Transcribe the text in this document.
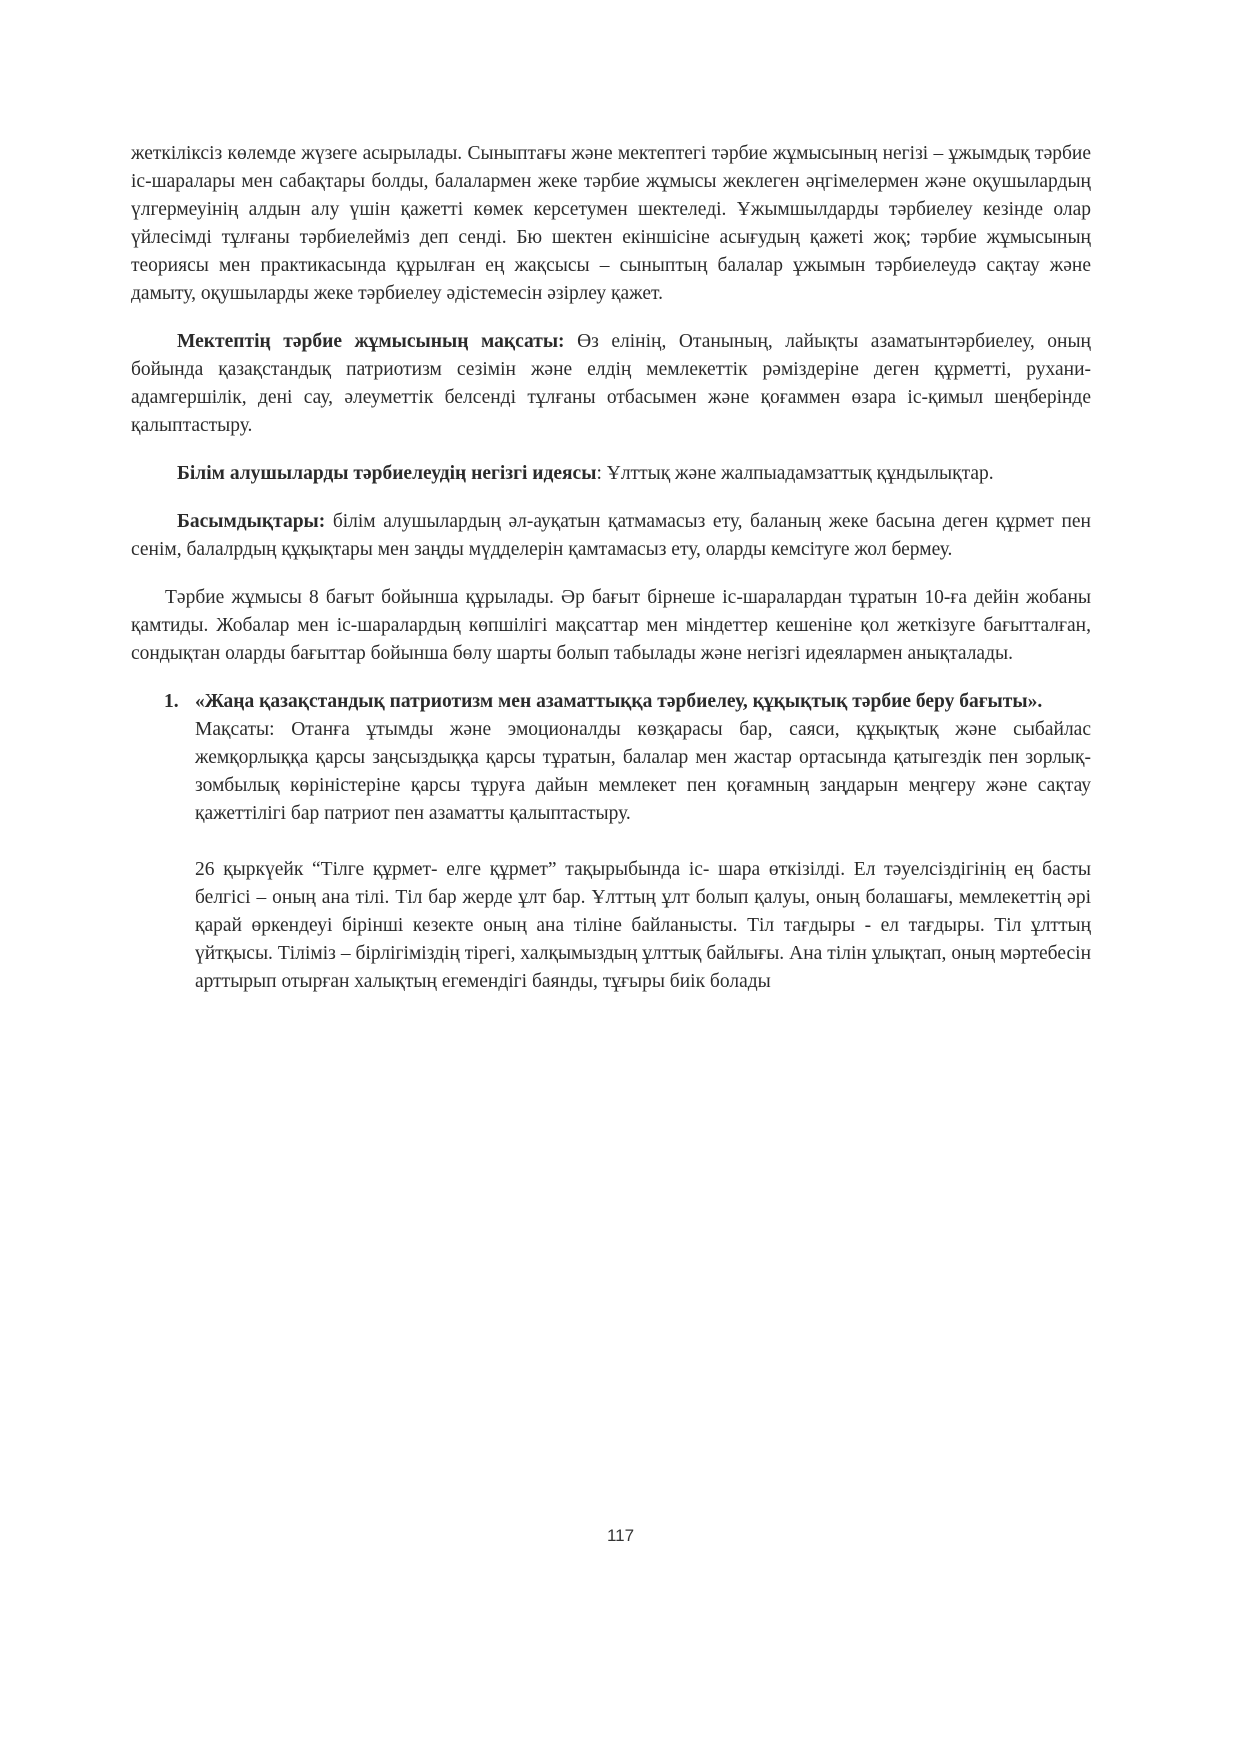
жеткіліксіз көлемде жүзеге асырылады. Сыныптағы және мектептегі тәрбие жұмысының негізі – ұжымдық тәрбие іс-шаралары мен сабақтары болды, балалармен жеке тәрбие жұмысы жеклеген әңгімелермен және оқушылардың үлгермеуінің алдын алу үшін қажетті көмек керсетумен шектеледі. Ұжымшылдарды тәрбиелеу кезінде олар үйлесімді тұлғаны тәрбиелейміз деп сенді. Бю шектен екіншісіне асығудың қажеті жоқ; тәрбие жұмысының теориясы мен практикасында құрылған ең жақсысы – сыныптың балалар ұжымын тәрбиелеудә сақтау және дамыту, оқушыларды жеке тәрбиелеу әдістемесін әзірлеу қажет.

Мектептің тәрбие жұмысының мақсаты: Өз елінің, Отанының, лайықты азаматынтәрбиелеу, оның бойында қазақстандық патриотизм сезімін және елдің мемлекеттік рәміздеріне деген құрметті, рухани-адамгершілік, дені сау, әлеуметтік белсенді тұлғаны отбасымен және қоғаммен өзара іс-қимыл шеңберінде қалыптастыру.

Білім алушыларды тәрбиелеудің негізгі идеясы: Ұлттық және жалпыадамзаттық құндылықтар.

Басымдықтары: білім алушылардың әл-ауқатын қатмамасыз ету, баланың жеке басына деген құрмет пен сенім, балалрдың құқықтары мен заңды мүдделерін қамтамасыз ету, оларды кемсітуге жол бермеу.

Тәрбие жұмысы 8 бағыт бойынша құрылады. Әр бағыт бірнеше іс-шаралардан тұратын 10-ға дейін жобаны қамтиды. Жобалар мен іс-шаралардың көпшілігі мақсаттар мен міндеттер кешеніне қол жеткізуге бағытталған, сондықтан оларды бағыттар бойынша бөлу шарты болып табылады және негізгі идеялармен анықталады.

1. «Жаңа қазақстандық патриотизм мен азаматтыққа тәрбиелеу, құқықтық тәрбие беру бағыты».

Мақсаты: Отанға ұтымды және эмоционалды көзқарасы бар, саяси, құқықтық және сыбайлас жемқорлыққа қарсы заңсыздыққа қарсы тұратын, балалар мен жастар ортасында қатыгездік пен зорлық-зомбылық көріністеріне қарсы тұруға дайын мемлекет пен қоғамның заңдарын меңгеру және сақтау қажеттілігі бар патриот пен азаматты қалыптастыру.

26 қыркүейк “Тілге құрмет- елге құрмет” тақырыбында іс- шара өткізілді. Ел тәуелсіздігінің ең басты белгісі – оның ана тілі. Тіл бар жерде ұлт бар. Ұлттың ұлт болып қалуы, оның болашағы, мемлекеттің әрі қарай өркендеуі бірінші кезекте оның ана тіліне байланысты. Тіл тағдыры - ел тағдыры. Тіл ұлттың үйтқысы. Тіліміз – бірлігіміздің тірегі, халқымыздың ұлттық байлығы. Ана тілін ұлықтап, оның мәртебесін арттырып отырған халықтың егемендігі баянды, тұғыры биік болады

117
